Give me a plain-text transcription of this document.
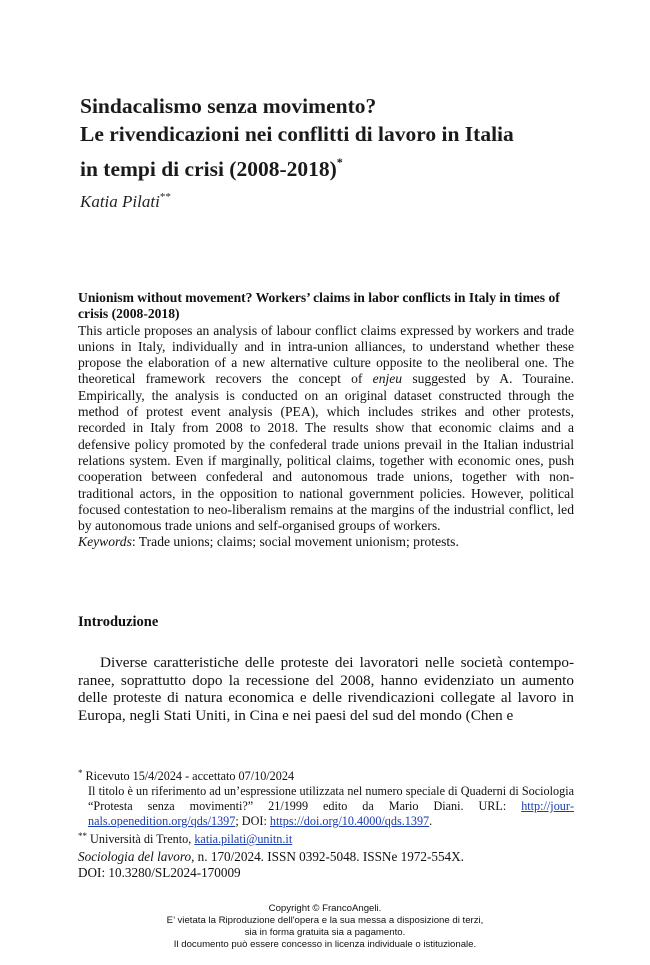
Sindacalismo senza movimento?
Le rivendicazioni nei conflitti di lavoro in Italia
in tempi di crisi (2008-2018)*
Katia Pilati**
Unionism without movement? Workers’ claims in labor conflicts in Italy in times of crisis (2008-2018)
This article proposes an analysis of labour conflict claims expressed by workers and trade unions in Italy, individually and in intra-union alliances, to understand whether these propose the elaboration of a new alternative culture opposite to the neoliberal one. The theoretical framework recovers the concept of enjeu suggested by A. Touraine. Empirically, the analysis is conducted on an original dataset constructed through the method of protest event analysis (PEA), which includes strikes and other protests, recorded in Italy from 2008 to 2018. The results show that economic claims and a defensive policy promoted by the confederal trade unions prevail in the Italian industrial relations system. Even if marginally, political claims, together with economic ones, push cooperation between confederal and autonomous trade unions, together with non-traditional actors, in the opposition to national government policies. However, political focused contestation to neo-liberalism remains at the margins of the industrial conflict, led by autonomous trade unions and self-organised groups of workers.
Keywords: Trade unions; claims; social movement unionism; protests.
Introduzione
Diverse caratteristiche delle proteste dei lavoratori nelle società contemporanee, soprattutto dopo la recessione del 2008, hanno evidenziato un aumento delle proteste di natura economica e delle rivendicazioni collegate al lavoro in Europa, negli Stati Uniti, in Cina e nei paesi del sud del mondo (Chen e
* Ricevuto 15/4/2024 - accettato 07/10/2024
Il titolo è un riferimento ad un’espressione utilizzata nel numero speciale di Quaderni di Sociologia “Protesta senza movimenti?” 21/1999 edito da Mario Diani. URL: http://journals.openedition.org/qds/1397; DOI: https://doi.org/10.4000/qds.1397.
** Università di Trento, katia.pilati@unitn.it
Sociologia del lavoro, n. 170/2024. ISSN 0392-5048. ISSNe 1972-554X.
DOI: 10.3280/SL2024-170009
Copyright © FrancoAngeli.
E’ vietata la Riproduzione dell'opera e la sua messa a disposizione di terzi,
sia in forma gratuita sia a pagamento.
Il documento può essere concesso in licenza individuale o istituzionale.
